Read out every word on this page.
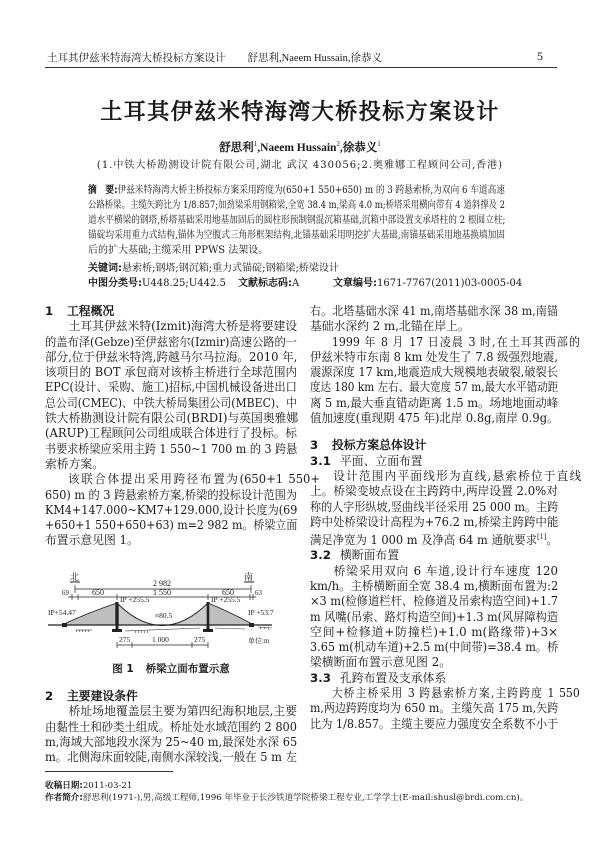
土耳其伊兹米特海湾大桥投标方案设计 舒思利,Naeem Hussain,徐恭义	5
土耳其伊兹米特海湾大桥投标方案设计
舒思利$^1$,Naeem Hussain$^2$,徐恭义$^1$
(1.中铁大桥勘测设计院有限公司,湖北 武汉 430056;2.奥雅娜工程顾问公司,香港)
摘　要:伊兹米特海湾大桥主桥投标方案采用跨度为(650+1 550+650) m 的 3 跨悬索桥,为双向 6 车道高速
公路桥梁。主缆矢跨比为 1/8.857;加劲梁采用钢箱梁,全宽 38.4 m,梁高 4.0 m;桥塔采用横向带有 4 道斜撑及 2
道水平横梁的钢塔,桥塔基础采用地基加固后的圆柱形预制钢混沉箱基础,沉箱中部设置支承塔柱的 2 根圆立柱;
锚碇均采用重力式结构,锚体为空腹式三角形框架结构,北锚基础采用明挖扩大基础,南锚基础采用地基换填加固
后的扩大基础;主缆采用 PPWS 法架设。
关键词:悬索桥;钢塔;钢沉箱;重力式锚碇;钢箱梁;桥梁设计
中图分类号:U448.25;U442.5 文献标志码:A	文章编号:1671-7767(2011)03-0005-04
1 工程概况
土耳其伊兹米特(Izmit)海湾大桥是将要建设
的盖布泽(Gebze)至伊兹密尔(Izmir)高速公路的一
部分,位于伊兹米特湾,跨越马尔马拉海。2010 年,
该项目的 BOT 承包商对该桥主桥进行全球范围内
EPC(设计、采购、施工)招标,中国机械设备进出口
总公司(CMEC)、中铁大桥局集团公司(MBEC)、中
铁大桥勘测设计院有限公司(BRDI)与英国奥雅娜
(ARUP)工程顾问公司组成联合体进行了投标。标
书要求桥梁应采用主跨 1 550~1 700 m 的 3 跨悬
索桥方案。
该联合体提出采用跨径布置为(650+1 550+
650) m 的 3 跨悬索桥方案,桥梁的投标设计范围为
KM4+147.000~KM7+129.000,设计长度为(69
+650+1 550+650+63) m=2 982 m。桥梁立面
布置示意见图 1。
北	南
2 982
69	650	1 550	650	63
IP+54.47
IP +255.5	IP +255.5
≈80.5	IP +53.7
275	1 000	275	单位:m
图 1 桥梁立面布置示意
2 主要建设条件
桥址场地覆盖层主要为第四纪海积地层,主要
由黏性土和砂类土组成。桥址处水域范围约 2 800
m,海域大部地段水深为 25~40 m,最深处水深 65
m。北侧海床面较陡,南侧水深较浅,一般在 5 m 左
右。北塔基础水深 41 m,南塔基础水深 38 m,南锚
基础水深约 2 m,北锚在岸上。
1999 年 8 月 17 日凌晨 3 时,在土耳其西部的
伊兹米特市东南 8 km 处发生了 7.8 级强烈地震,
震源深度 17 km,地震造成大规模地表破裂,破裂长
度达 180 km 左右、最大宽度 57 m,最大水平错动距
离 5 m,最大垂直错动距离 1.5 m。场地地面动峰
值加速度(重现期 475 年)北岸 0.8g,南岸 0.9g。
3 投标方案总体设计
3.1 平面、立面布置
设计范围内平面线形为直线,悬索桥位于直线
上。桥梁变坡点设在主跨跨中,两岸设置 2.0%对
称的人字形纵坡,竖曲线半径采用 25 000 m。主跨
跨中处桥梁设计高程为+76.2 m,桥梁主跨跨中能
满足净宽为 1 000 m 及净高 64 m 通航要求[1]。
3.2 横断面布置
桥梁采用双向 6 车道,设计行车速度 120
km/h。主桥横断面全宽 38.4 m,横断面布置为:2
×3 m(检修道栏杆、检修道及吊索构造空间)+1.7
m 风嘴(吊索、路灯构造空间)+1.3 m(风屏障构造
空间+检修道+防撞栏)+1.0 m(路缘带)+3×
3.65 m(机动车道)+2.5 m(中间带)=38.4 m。桥
梁横断面布置示意见图 2。
3.3 孔跨布置及支承体系
大桥主桥采用 3 跨悬索桥方案,主跨跨度 1 550
m,两边跨跨度均为 650 m。主缆矢高 175 m,矢跨
比为 1/8.857。主缆主要应力强度安全系数不小于
收稿日期:2011-03-21
作者简介:舒思利(1971-),男,高级工程师,1996 年毕业于长沙铁道学院桥梁工程专业,工学学士(E-mail:shusl@brdi.com.cn)。
